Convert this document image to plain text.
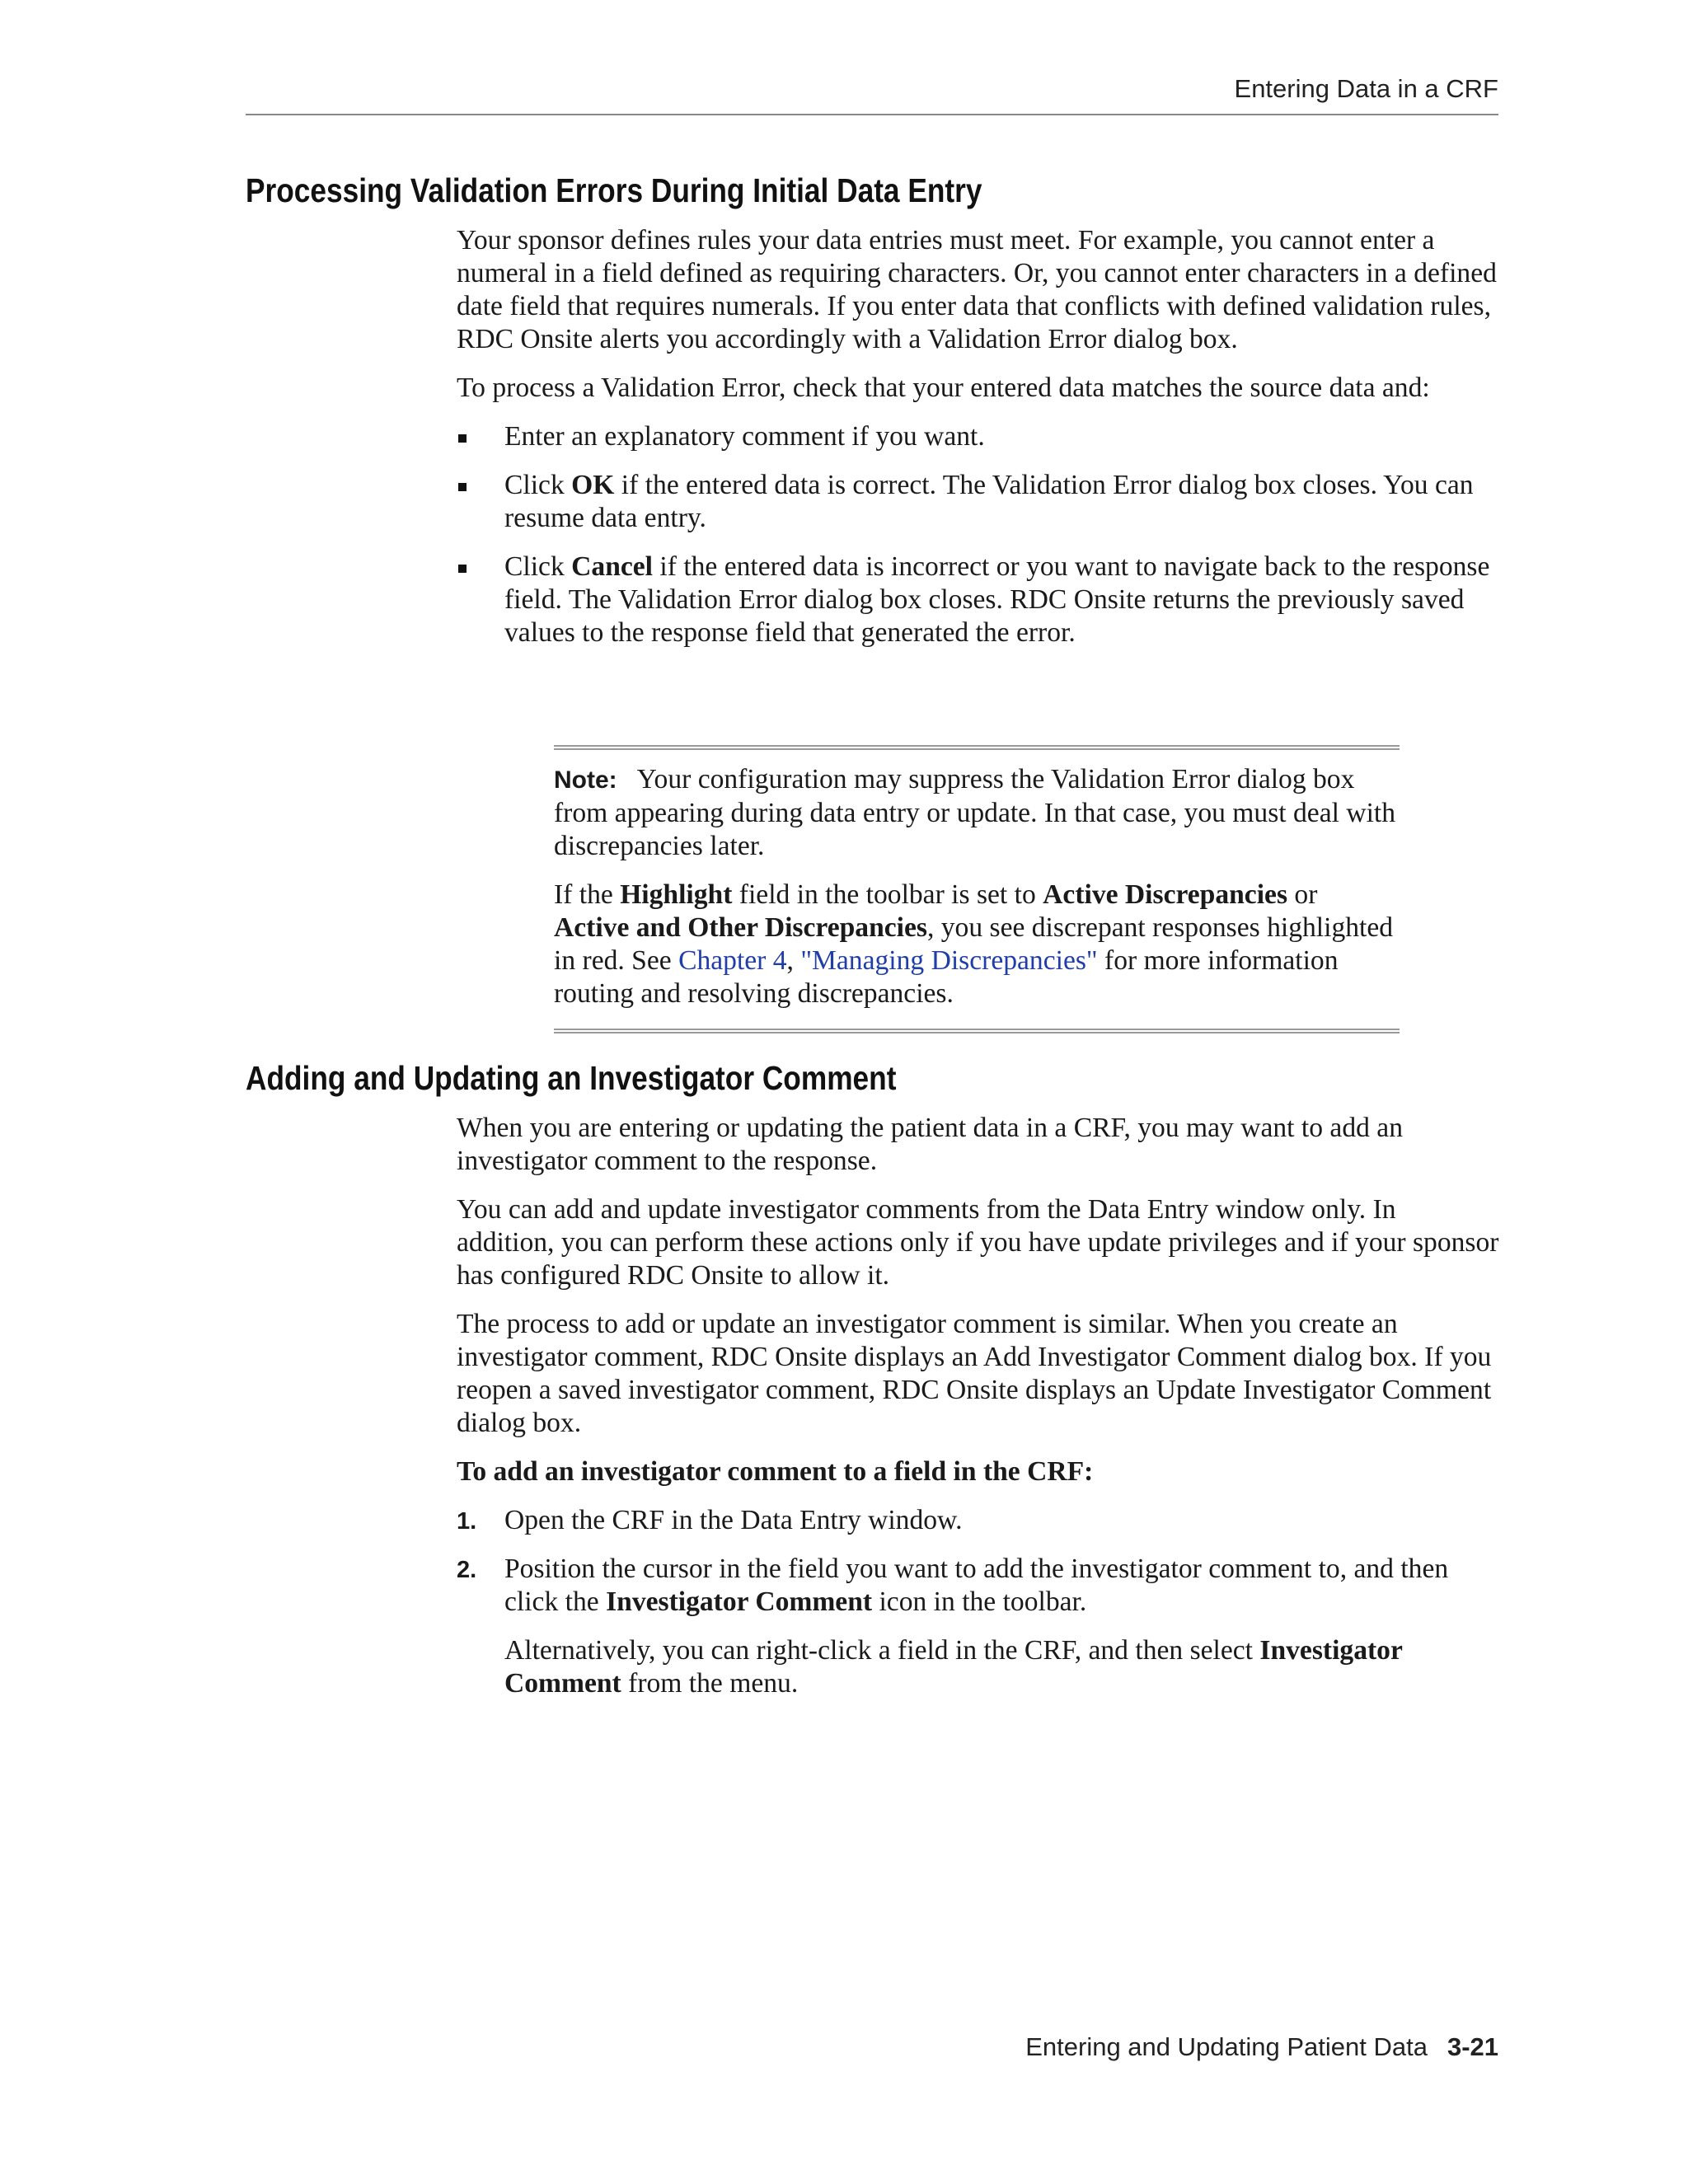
Entering Data in a CRF
Processing Validation Errors During Initial Data Entry

Your sponsor defines rules your data entries must meet. For example, you cannot enter a numeral in a field defined as requiring characters. Or, you cannot enter characters in a defined date field that requires numerals. If you enter data that conflicts with defined validation rules, RDC Onsite alerts you accordingly with a Validation Error dialog box.

To process a Validation Error, check that your entered data matches the source data and:

Enter an explanatory comment if you want.
Click OK if the entered data is correct. The Validation Error dialog box closes. You can resume data entry.
Click Cancel if the entered data is incorrect or you want to navigate back to the response field. The Validation Error dialog box closes. RDC Onsite returns the previously saved values to the response field that generated the error.

Note: Your configuration may suppress the Validation Error dialog box from appearing during data entry or update. In that case, you must deal with discrepancies later.

If the Highlight field in the toolbar is set to Active Discrepancies or Active and Other Discrepancies, you see discrepant responses highlighted in red. See Chapter 4, "Managing Discrepancies" for more information routing and resolving discrepancies.

Adding and Updating an Investigator Comment

When you are entering or updating the patient data in a CRF, you may want to add an investigator comment to the response.

You can add and update investigator comments from the Data Entry window only. In addition, you can perform these actions only if you have update privileges and if your sponsor has configured RDC Onsite to allow it.

The process to add or update an investigator comment is similar. When you create an investigator comment, RDC Onsite displays an Add Investigator Comment dialog box. If you reopen a saved investigator comment, RDC Onsite displays an Update Investigator Comment dialog box.

To add an investigator comment to a field in the CRF:

1. Open the CRF in the Data Entry window.
2. Position the cursor in the field you want to add the investigator comment to, and then click the Investigator Comment icon in the toolbar.

Alternatively, you can right-click a field in the CRF, and then select Investigator Comment from the menu.

Entering and Updating Patient Data 3-21
